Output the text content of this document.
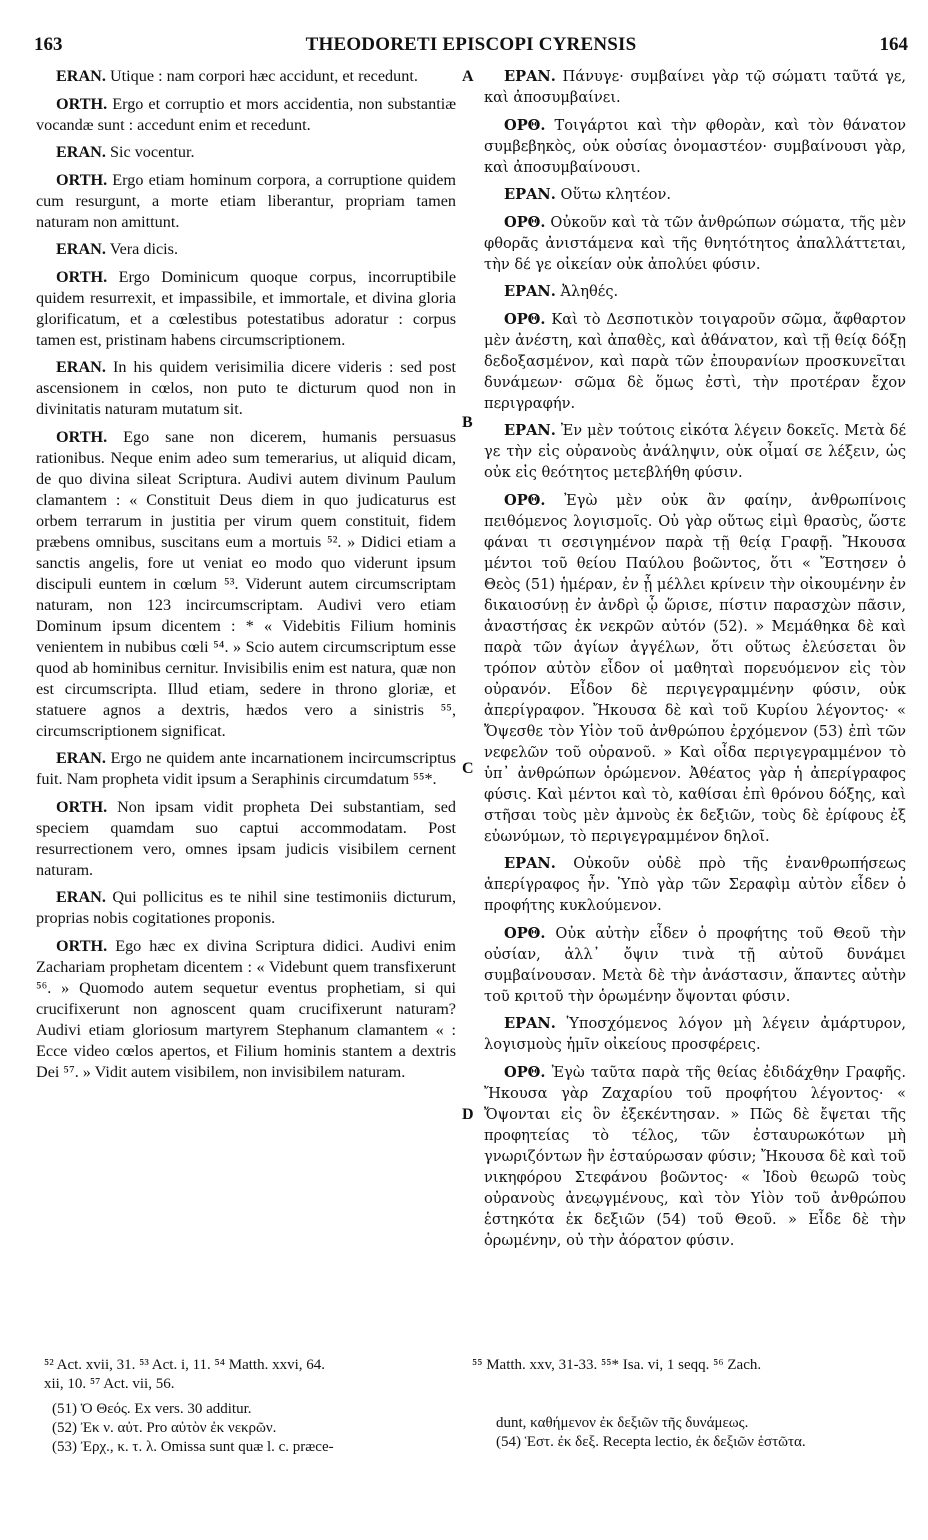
163	THEODORETI EPISCOPI CYRENSIS	164
A
B
C
D

ERAN. Utique : nam corpori hæc accidunt, et recedunt.

ORTH. Ergo et corruptio et mors accidentia, non substantiæ vocandæ sunt : accedunt enim et recedunt.

ERAN. Sic vocentur.

ORTH. Ergo etiam hominum corpora, a corruptione quidem cum resurgunt, a morte etiam liberantur, propriam tamen naturam non amittunt.

ERAN. Vera dicis.

ORTH. Ergo Dominicum quoque corpus, incorruptibile quidem resurrexit, et impassibile, et immortale, et divina gloria glorificatum, et a cœlestibus potestatibus adoratur : corpus tamen est, pristinam habens circumscriptionem.

ERAN. In his quidem verisimilia dicere videris : sed post ascensionem in cœlos, non puto te dicturum quod non in divinitatis naturam mutatum sit.

ORTH. Ego sane non dicerem, humanis persuasus rationibus. Neque enim adeo sum temerarius, ut aliquid dicam, de quo divina sileat Scriptura. Audivi autem divinum Paulum clamantem : « Constituit Deus diem in quo judicaturus est orbem terrarum in justitia per virum quem constituit, fidem præbens omnibus, suscitans eum a mortuis ⁵². » Didici etiam a sanctis angelis, fore ut veniat eo modo quo viderunt ipsum discipuli euntem in cœlum ⁵³. Viderunt autem circumscriptam naturam, non 123 incircumscriptam. Audivi vero etiam Dominum ipsum dicentem : * « Videbitis Filium hominis venientem in nubibus cœli ⁵⁴. » Scio autem circumscriptum esse quod ab hominibus cernitur. Invisibilis enim est natura, quæ non est circumscripta. Illud etiam, sedere in throno gloriæ, et statuere agnos a dextris, hædos vero a sinistris ⁵⁵, circumscriptionem significat.

ERAN. Ergo ne quidem ante incarnationem incircumscriptus fuit. Nam propheta vidit ipsum a Seraphinis circumdatum ⁵⁵*.

ORTH. Non ipsam vidit propheta Dei substantiam, sed speciem quamdam suo captui accommodatam. Post resurrectionem vero, omnes ipsam judicis visibilem cernent naturam.

ERAN. Qui pollicitus es te nihil sine testimoniis dicturum, proprias nobis cogitationes proponis.

ORTH. Ego hæc ex divina Scriptura didici. Audivi enim Zachariam prophetam dicentem : « Videbunt quem transfixerunt ⁵⁶. » Quomodo autem sequetur eventus prophetiam, si qui crucifixerunt non agnoscent quam crucifixerunt naturam? Audivi etiam gloriosum martyrem Stephanum clamantem « : Ecce video cœlos apertos, et Filium hominis stantem a dextris Dei ⁵⁷. » Vidit autem visibilem, non invisibilem naturam.

ΕΡΑΝ. Πάνυγε· συμβαίνει γὰρ τῷ σώματι ταῦτά γε, καὶ ἀποσυμβαίνει.

ΟΡΘ. Τοιγάρτοι καὶ τὴν φθορὰν, καὶ τὸν θάνατον συμβεβηκὸς, οὐκ οὐσίας ὀνομαστέον· συμβαίνουσι γὰρ, καὶ ἀποσυμβαίνουσι.

ΕΡΑΝ. Οὕτω κλητέον.

ΟΡΘ. Οὐκοῦν καὶ τὰ τῶν ἀνθρώπων σώματα, τῆς μὲν φθορᾶς ἀνιστάμενα καὶ τῆς θνητότητος ἀπαλλάττεται, τὴν δέ γε οἰκείαν οὐκ ἀπολύει φύσιν.

ΕΡΑΝ. Ἀληθές.

ΟΡΘ. Καὶ τὸ Δεσποτικὸν τοιγαροῦν σῶμα, ἄφθαρτον μὲν ἀνέστη, καὶ ἀπαθὲς, καὶ ἀθάνατον, καὶ τῇ θείᾳ δόξῃ δεδοξασμένον, καὶ παρὰ τῶν ἐπουρανίων προσκυνεῖται δυνάμεων· σῶμα δὲ ὅμως ἐστὶ, τὴν προτέραν ἔχον περιγραφήν.

ΕΡΑΝ. Ἐν μὲν τούτοις εἰκότα λέγειν δοκεῖς. Μετὰ δέ γε τὴν εἰς οὐρανοὺς ἀνάληψιν, οὐκ οἶμαί σε λέξειν, ὡς οὐκ εἰς θεότητος μετεβλήθη φύσιν.

ΟΡΘ. Ἐγὼ μὲν οὐκ ἂν φαίην, ἀνθρωπίνοις πειθόμενος λογισμοῖς. Οὐ γὰρ οὕτως εἰμὶ θρασὺς, ὥστε φάναι τι σεσιγημένον παρὰ τῇ θείᾳ Γραφῇ. Ἤκουσα μέντοι τοῦ θείου Παύλου βοῶντος, ὅτι « Ἔστησεν ὁ Θεὸς (51) ἡμέραν, ἐν ᾗ μέλλει κρίνειν τὴν οἰκουμένην ἐν δικαιοσύνῃ ἐν ἀνδρὶ ᾧ ὥρισε, πίστιν παρασχὼν πᾶσιν, ἀναστήσας ἐκ νεκρῶν αὐτόν (52). » Μεμάθηκα δὲ καὶ παρὰ τῶν ἁγίων ἀγγέλων, ὅτι οὕτως ἐλεύσεται ὃν τρόπον αὐτὸν εἶδον οἱ μαθηταὶ πορευόμενον εἰς τὸν οὐρανόν. Εἶδον δὲ περιγεγραμμένην φύσιν, οὐκ ἀπερίγραφον. Ἤκουσα δὲ καὶ τοῦ Κυρίου λέγοντος· « Ὄψεσθε τὸν Υἱὸν τοῦ ἀνθρώπου ἐρχόμενον (53) ἐπὶ τῶν νεφελῶν τοῦ οὐρανοῦ. » Καὶ οἶδα περιγεγραμμένον τὸ ὑπ᾽ ἀνθρώπων ὁρώμενον. Ἀθέατος γὰρ ἡ ἀπερίγραφος φύσις. Καὶ μέντοι καὶ τὸ, καθίσαι ἐπὶ θρόνου δόξης, καὶ στῆσαι τοὺς μὲν ἀμνοὺς ἐκ δεξιῶν, τοὺς δὲ ἐρίφους ἐξ εὐωνύμων, τὸ περιγεγραμμένον δηλοῖ.

ΕΡΑΝ. Οὐκοῦν οὐδὲ πρὸ τῆς ἐνανθρωπήσεως ἀπερίγραφος ἦν. Ὑπὸ γὰρ τῶν Σεραφὶμ αὐτὸν εἶδεν ὁ προφήτης κυκλούμενον.

ΟΡΘ. Οὐκ αὐτὴν εἶδεν ὁ προφήτης τοῦ Θεοῦ τὴν οὐσίαν, ἀλλ᾽ ὄψιν τινὰ τῇ αὐτοῦ δυνάμει συμβαίνουσαν. Μετὰ δὲ τὴν ἀνάστασιν, ἅπαντες αὐτὴν τοῦ κριτοῦ τὴν ὁρωμένην ὄψονται φύσιν.

ΕΡΑΝ. Ὑποσχόμενος λόγον μὴ λέγειν ἀμάρτυρον, λογισμοὺς ἡμῖν οἰκείους προσφέρεις.

ΟΡΘ. Ἐγὼ ταῦτα παρὰ τῆς θείας ἐδιδάχθην Γραφῆς. Ἤκουσα γὰρ Ζαχαρίου τοῦ προφήτου λέγοντος· « Ὄψονται εἰς ὃν ἐξεκέντησαν. » Πῶς δὲ ἔψεται τῆς προφητείας τὸ τέλος, τῶν ἐσταυρωκότων μὴ γνωριζόντων ἣν ἐσταύρωσαν φύσιν; Ἤκουσα δὲ καὶ τοῦ νικηφόρου Στεφάνου βοῶντος· « Ἰδοὺ θεωρῶ τοὺς οὐρανοὺς ἀνεῳγμένους, καὶ τὸν Υἱὸν τοῦ ἀνθρώπου ἑστηκότα ἐκ δεξιῶν (54) τοῦ Θεοῦ. » Εἶδε δὲ τὴν ὁρωμένην, οὐ τὴν ἀόρατον φύσιν.

⁵² Act. xvii, 31. ⁵³ Act. i, 11. ⁵⁴ Matth. xxvi, 64.
xii, 10. ⁵⁷ Act. vii, 56.
⁵⁵ Matth. xxv, 31-33. ⁵⁵* Isa. vi, 1 seqq. ⁵⁶ Zach.
(51) Ὁ Θεός. Ex vers. 30 additur.
(52) Ἐκ ν. αὐτ. Pro αὐτὸν ἐκ νεκρῶν.
(53) Ἐρχ., κ. τ. λ. Omissa sunt quæ l. c. præce-
dunt, καθήμενον ἐκ δεξιῶν τῆς δυνάμεως.
(54) Ἑστ. ἐκ δεξ. Recepta lectio, ἐκ δεξιῶν ἑστῶτα.
